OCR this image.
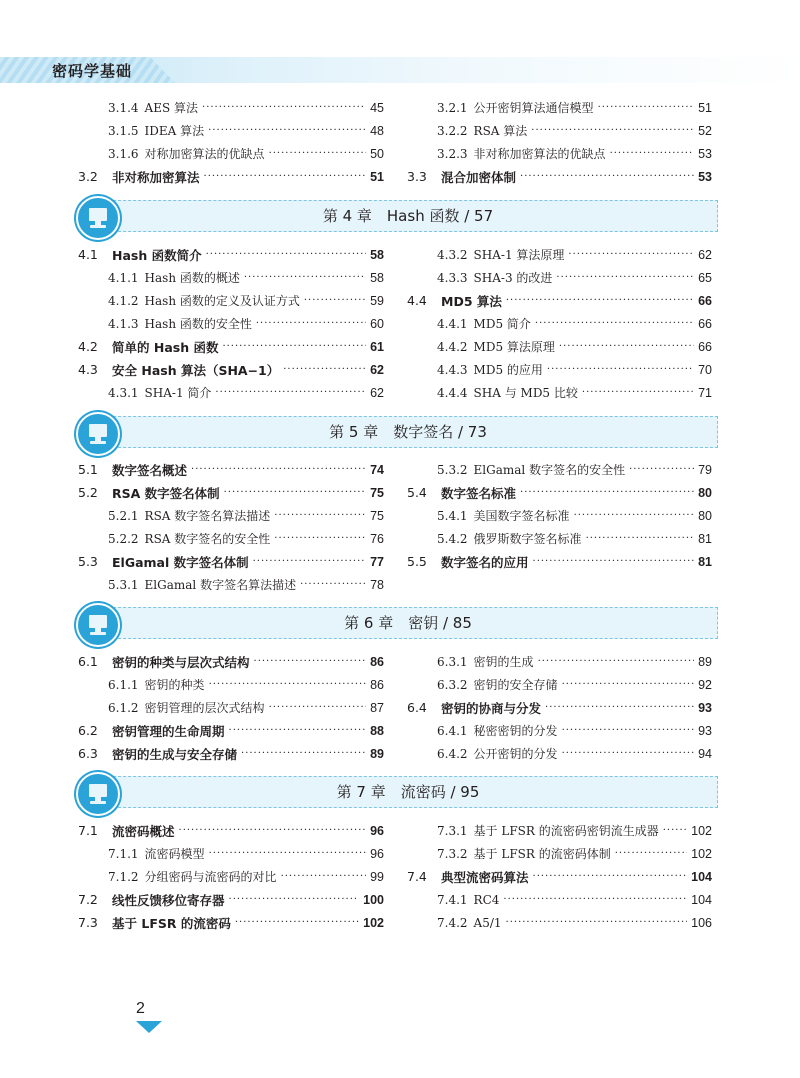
密码学基础
3.1.4 AES 算法 ·····	45
3.1.5 IDEA 算法 ·····	48
3.1.6 对称加密算法的优缺点 ·····	50
3.2	非对称加密算法 ·····	51
3.2.1 公开密钥算法通信模型 ·····	51
3.2.2 RSA 算法 ·····	52
3.2.3 非对称加密算法的优缺点 ·····	53
3.3	混合加密体制 ·····	53
第 4 章　Hash 函数 / 57
4.1	Hash 函数简介 ·····	58
4.1.1 Hash 函数的概述 ·····	58
4.1.2 Hash 函数的定义及认证方式 ·····	59
4.1.3 Hash 函数的安全性 ·····	60
4.2	简单的 Hash 函数 ·····	61
4.3	安全 Hash 算法（SHA−1） ·····	62
4.3.1 SHA-1 简介 ·····	62
4.3.2 SHA-1 算法原理 ·····	62
4.3.3 SHA-3 的改进 ·····	65
4.4	MD5 算法 ·····	66
4.4.1 MD5 简介 ·····	66
4.4.2 MD5 算法原理 ·····	66
4.4.3 MD5 的应用 ·····	70
4.4.4 SHA 与 MD5 比较 ·····	71
第 5 章　数字签名 / 73
5.1	数字签名概述 ·····	74
5.2	RSA 数字签名体制 ·····	75
5.2.1 RSA 数字签名算法描述 ·····	75
5.2.2 RSA 数字签名的安全性 ·····	76
5.3	ElGamal 数字签名体制 ·····	77
5.3.1 ElGamal 数字签名算法描述 ·····	78
5.3.2 ElGamal 数字签名的安全性 ·····	79
5.4	数字签名标准 ·····	80
5.4.1 美国数字签名标准 ·····	80
5.4.2 俄罗斯数字签名标准 ·····	81
5.5	数字签名的应用 ·····	81
第 6 章　密钥 / 85
6.1	密钥的种类与层次式结构 ·····	86
6.1.1 密钥的种类 ·····	86
6.1.2 密钥管理的层次式结构 ·····	87
6.2	密钥管理的生命周期 ·····	88
6.3	密钥的生成与安全存储 ·····	89
6.3.1 密钥的生成 ·····	89
6.3.2 密钥的安全存储 ·····	92
6.4	密钥的协商与分发 ·····	93
6.4.1 秘密密钥的分发 ·····	93
6.4.2 公开密钥的分发 ·····	94
第 7 章　流密码 / 95
7.1	流密码概述 ·····	96
7.1.1 流密码模型 ·····	96
7.1.2 分组密码与流密码的对比 ·····	99
7.2	线性反馈移位寄存器 ·····	100
7.3	基于 LFSR 的流密码 ·····	102
7.3.1 基于 LFSR 的流密码密钥流生成器 ·····	102
7.3.2 基于 LFSR 的流密码体制 ·····	102
7.4	典型流密码算法 ·····	104
7.4.1 RC4 ·····	104
7.4.2 A5/1 ·····	106
2
